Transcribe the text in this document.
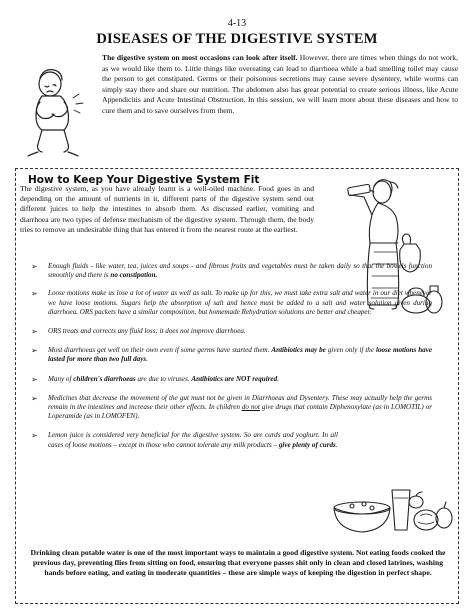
4-13
DISEASES OF THE DIGESTIVE SYSTEM
The digestive system on most occasions can look after itself. However, there are times when things do not work, as we would like them to. Little things like overeating can lead to diarrhoea while a bad smelling toilet may cause the person to get constipated. Germs or their poisonous secretions may cause severe dysentery, while worms can simply stay there and share our nutrition. The abdomen also has great potential to create serious illness, like Acute Appendicitis and Acute Intestinal Obstruction. In this session, we will learn more about these diseases and how to cure them and to save ourselves from them.
How to Keep Your Digestive System Fit
The digestive system, as you have already learnt is a well-oiled machine. Food goes in and depending on the amount of nutrients in it, different parts of the digestive system send out different juices to help the intestines to absorb them. As discussed earlier, vomiting and diarrhoea are two types of defense mechanism of the digestive system. Through them, the body tries to remove an undesirable thing that has entered it from the nearest route at the earliest.

➢ Enough fluids - like water, tea, juices and soups - and fibrous fruits and vegetables must be taken daily so that the bowels function smoothly and there is no constipation.

➢ Loose motions make us lose a lot of water as well as salt. To make up for this, we must take extra salt and water in our diet whenever we have loose motions. Sugars help the absorption of salt and hence must be added to a salt and water solution given during diarrhoea. ORS packets have a similar composition, but homemade Rehydration solutions are better and cheaper.

➢ ORS treats and corrects any fluid loss; it does not improve diarrhoea.

➢ Most diarrhoeas get well on their own even if some germs have started them. Antibiotics may be given only if the loose motions have lasted for more than two full days.

➢ Many of children's diarrhoeas are due to viruses. Antibiotics are NOT required.

➢ Medicines that decrease the movement of the gut must not be given in Diarrhoeas and Dysentery. These may actually help the germs remain in the intestines and increase their other effects. In children do not give drugs that contain Diphenoxylate (as in LOMOTIL) or Loperamide (as in LOMOFEN).

➢ Lemon juice is considered very beneficial for the digestive system. So are curds and yoghurt. In all cases of loose motions – except in those who cannot tolerate any milk products – give plenty of curds.

Drinking clean potable water is one of the most important ways to maintain a good digestive system. Not eating foods cooked the previous day, preventing flies from sitting on food, ensuring that everyone passes shit only in clean and closed latrines, washing hands before eating, and eating in moderate quantities – these are simple ways of keeping the digestion in perfect shape.
